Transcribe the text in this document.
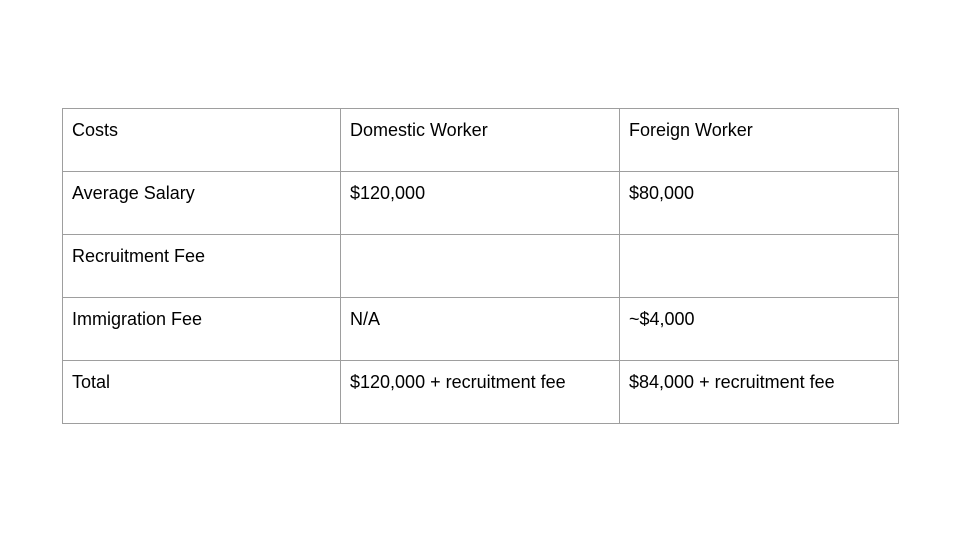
Costs	Domestic Worker	Foreign Worker
Average Salary	$120,000	$80,000
Recruitment Fee		
Immigration Fee	N/A	~$4,000
Total	$120,000 + recruitment fee	$84,000 + recruitment fee
